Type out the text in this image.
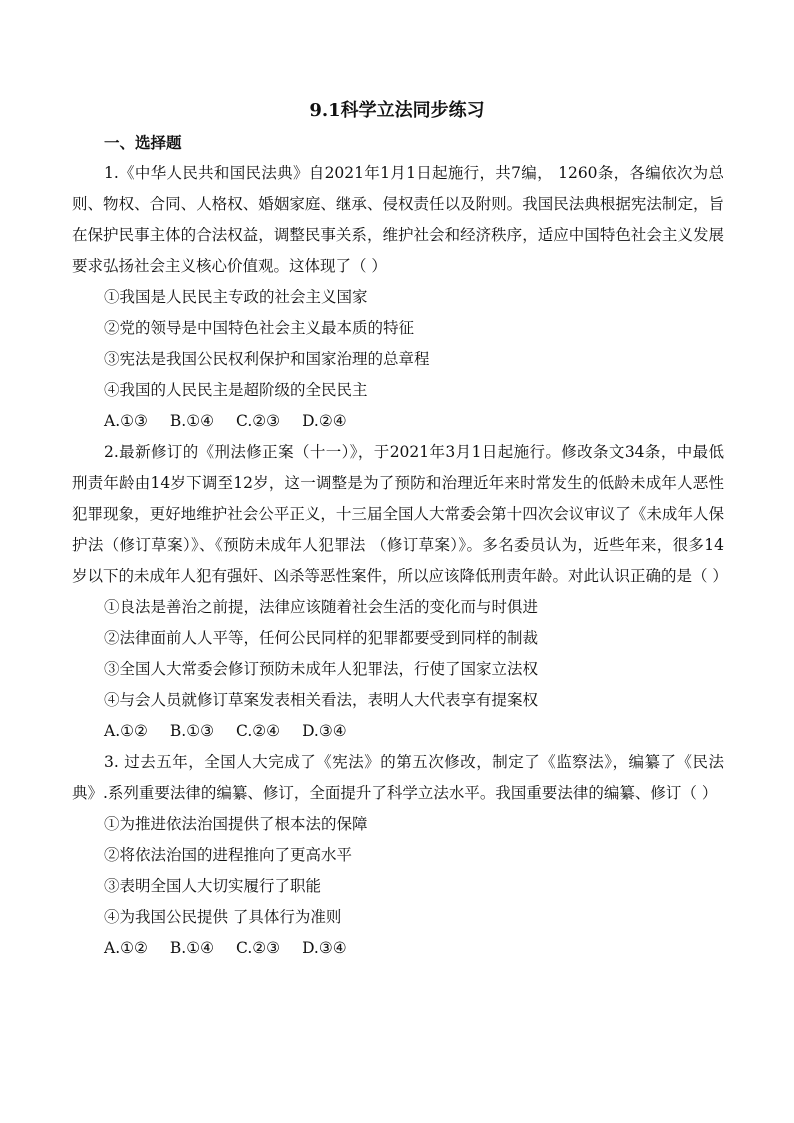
9.1科学立法同步练习
一、选择题

1.《中华人民共和国民法典》自2021年1月1日起施行，共7编， 1260条，各编依次为总则、物权、合同、人格权、婚姻家庭、继承、侵权责任以及附则。我国民法典根据宪法制定，旨在保护民事主体的合法权益，调整民事关系，维护社会和经济秩序，适应中国特色社会主义发展要求弘扬社会主义核心价值观。这体现了（ ）

①我国是人民民主专政的社会主义国家

②党的领导是中国特色社会主义最本质的特征

③宪法是我国公民权利保护和国家治理的总章程

④我国的人民民主是超阶级的全民民主

A.①③ B.①④ C.②③ D.②④

2.最新修订的《刑法修正案（十一）》，于2021年3月1日起施行。修改条文34条，中最低刑责年龄由14岁下调至12岁，这一调整是为了预防和治理近年来时常发生的低龄未成年人恶性犯罪现象，更好地维护社会公平正义，十三届全国人大常委会第十四次会议审议了《未成年人保护法（修订草案）》、《预防未成年人犯罪法 （修订草案）》。多名委员认为，近些年来，很多14岁以下的未成年人犯有强奸、凶杀等恶性案件，所以应该降低刑责年龄。对此认识正确的是（ ）

①良法是善治之前提，法律应该随着社会生活的变化而与时俱进

②法律面前人人平等，任何公民同样的犯罪都要受到同样的制裁

③全国人大常委会修订预防未成年人犯罪法，行使了国家立法权

④与会人员就修订草案发表相关看法，表明人大代表享有提案权

A.①② B.①③ C.②④ D.③④

3. 过去五年，全国人大完成了《宪法》的第五次修改，制定了《监察法》，编纂了《民法典》.系列重要法律的编纂、修订，全面提升了科学立法水平。我国重要法律的编纂、修订（ ）

①为推进依法治国提供了根本法的保障

②将依法治国的进程推向了更高水平

③表明全国人大切实履行了职能

④为我国公民提供 了具体行为准则

A.①② B.①④ C.②③ D.③④
